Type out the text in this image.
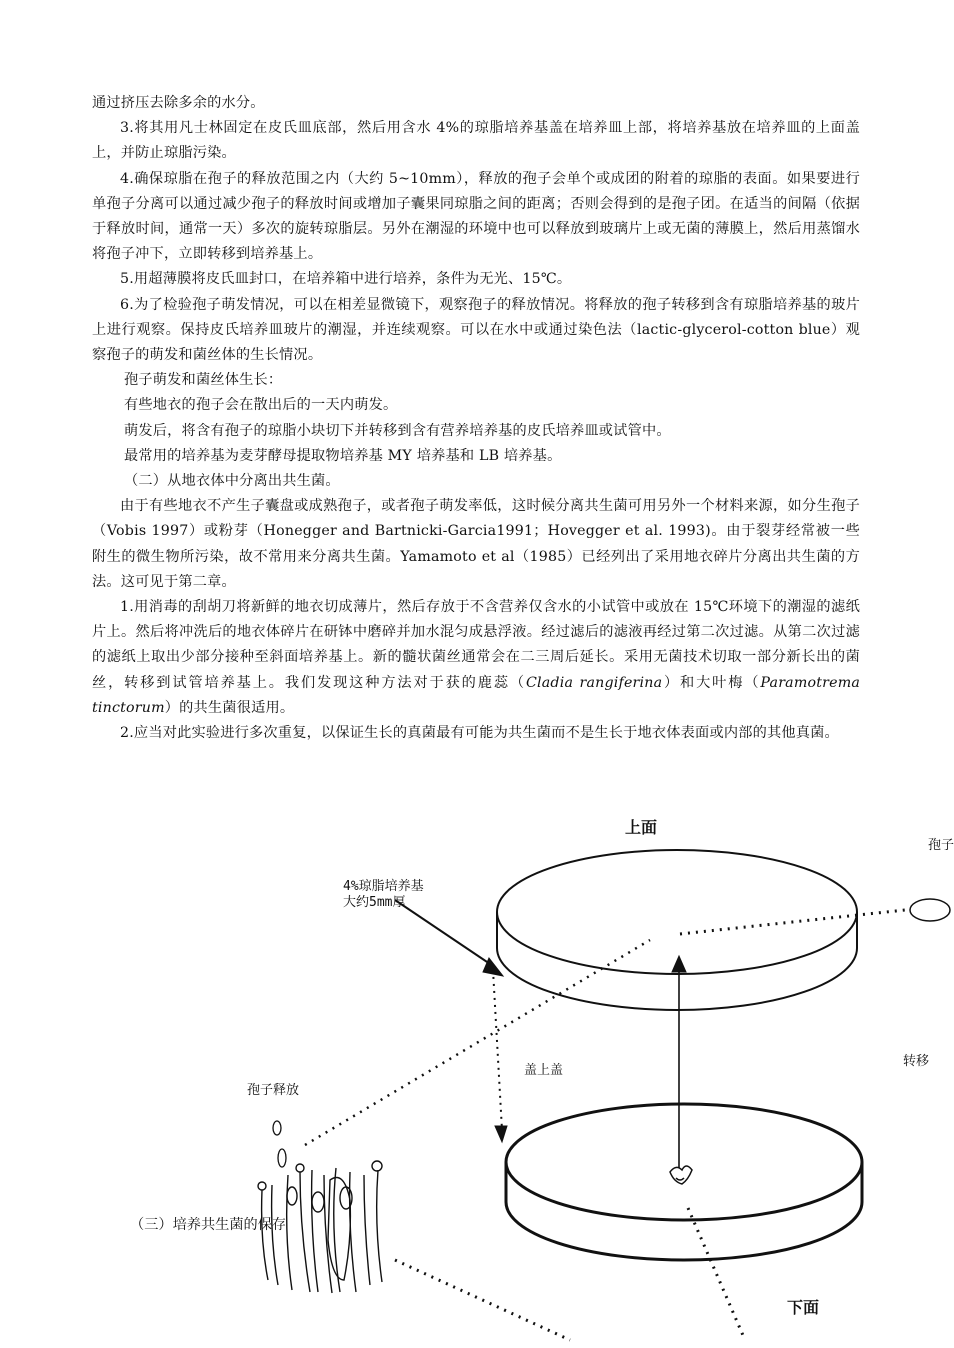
通过挤压去除多余的水分。

3.将其用凡士林固定在皮氏皿底部，然后用含水 4%的琼脂培养基盖在培养皿上部，将培养基放在培养皿的上面盖上，并防止琼脂污染。

4.确保琼脂在孢子的释放范围之内（大约 5~10mm），释放的孢子会单个或成团的附着的琼脂的表面。如果要进行单孢子分离可以通过减少孢子的释放时间或增加子囊果同琼脂之间的距离；否则会得到的是孢子团。在适当的间隔（依据于释放时间，通常一天）多次的旋转琼脂层。另外在潮湿的环境中也可以释放到玻璃片上或无菌的薄膜上，然后用蒸馏水将孢子冲下，立即转移到培养基上。

5.用超薄膜将皮氏皿封口，在培养箱中进行培养，条件为无光、15℃。

6.为了检验孢子萌发情况，可以在相差显微镜下，观察孢子的释放情况。将释放的孢子转移到含有琼脂培养基的玻片上进行观察。保持皮氏培养皿玻片的潮湿，并连续观察。可以在水中或通过染色法（lactic-glycerol-cotton blue）观察孢子的萌发和菌丝体的生长情况。

孢子萌发和菌丝体生长：

有些地衣的孢子会在散出后的一天内萌发。

萌发后，将含有孢子的琼脂小块切下并转移到含有营养培养基的皮氏培养皿或试管中。

最常用的培养基为麦芽酵母提取物培养基 MY 培养基和 LB 培养基。

（二）从地衣体中分离出共生菌。

由于有些地衣不产生子囊盘或成熟孢子，或者孢子萌发率低，这时候分离共生菌可用另外一个材料来源，如分生孢子（Vobis 1997）或粉芽（Honegger and Bartnicki-Garcia1991；Hovegger et al. 1993)。由于裂芽经常被一些附生的微生物所污染，故不常用来分离共生菌。Yamamoto et al（1985）已经列出了采用地衣碎片分离出共生菌的方法。这可见于第二章。

1.用消毒的刮胡刀将新鲜的地衣切成薄片，然后存放于不含营养仅含水的小试管中或放在 15℃环境下的潮湿的滤纸片上。然后将冲洗后的地衣体碎片在研钵中磨碎并加水混匀成悬浮液。经过滤后的滤液再经过第二次过滤。从第二次过滤的滤纸上取出少部分接种至斜面培养基上。新的髓状菌丝通常会在二三周后延长。采用无菌技术切取一部分新长出的菌丝，转移到试管培养基上。我们发现这种方法对于获的鹿蕊（Cladia rangiferina）和大叶梅（Paramotrema tinctorum）的共生菌很适用。

2.应当对此实验进行多次重复，以保证生长的真菌最有可能为共生菌而不是生长于地衣体表面或内部的其他真菌。

上面
4%琼脂培养基
大约5mm厚
孢子释放
盖上盖
转移
孢子
下面
（三）培养共生菌的保存
